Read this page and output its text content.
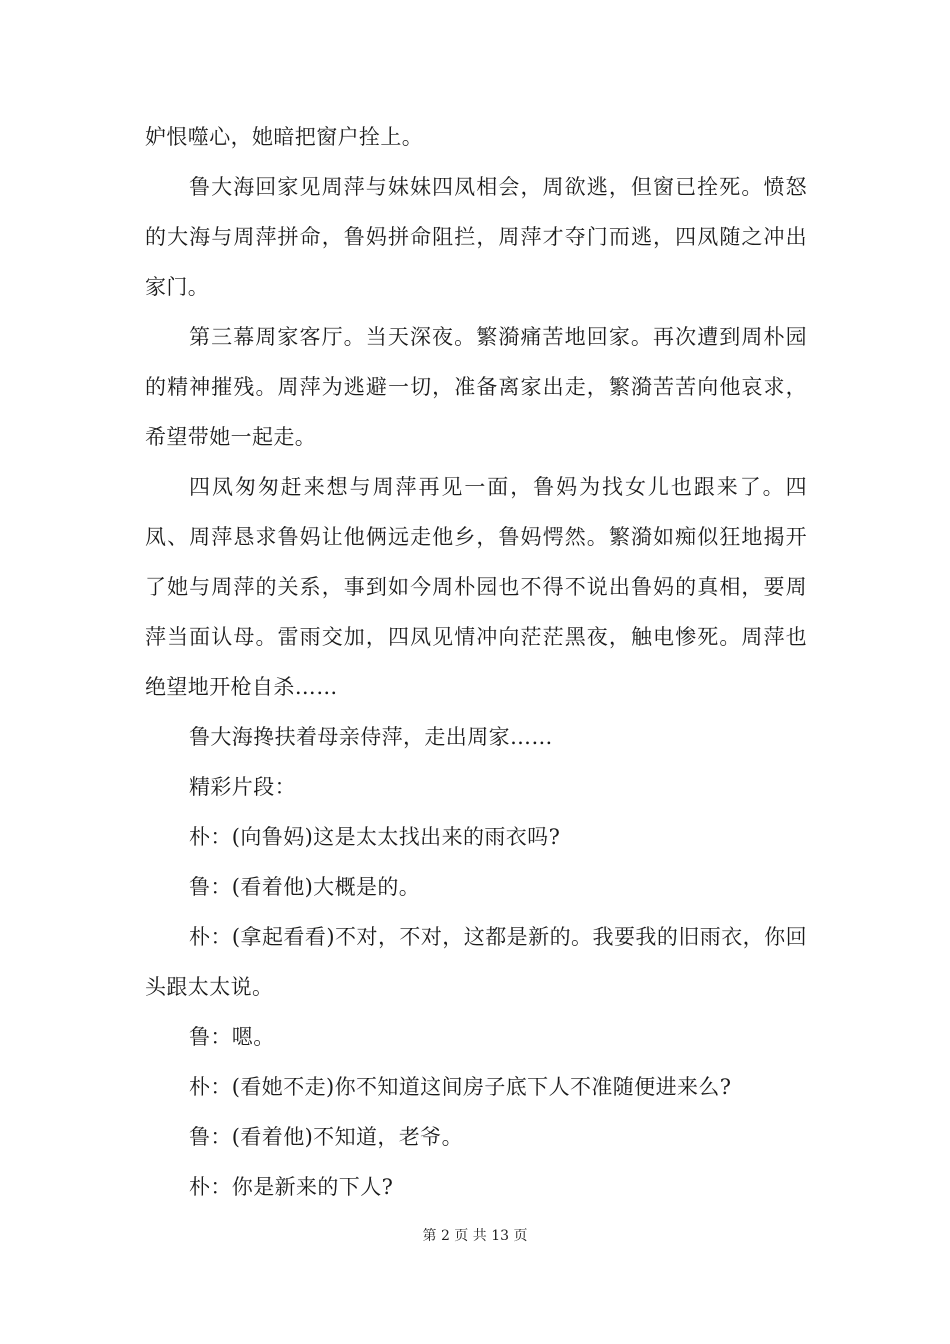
妒恨噬心，她暗把窗户拴上。

鲁大海回家见周萍与妹妹四凤相会，周欲逃，但窗已拴死。愤怒的大海与周萍拼命，鲁妈拼命阻拦，周萍才夺门而逃，四凤随之冲出家门。

第三幕周家客厅。当天深夜。繁漪痛苦地回家。再次遭到周朴园的精神摧残。周萍为逃避一切，准备离家出走，繁漪苦苦向他哀求，希望带她一起走。

四凤匆匆赶来想与周萍再见一面，鲁妈为找女儿也跟来了。四凤、周萍恳求鲁妈让他俩远走他乡，鲁妈愕然。繁漪如痴似狂地揭开了她与周萍的关系，事到如今周朴园也不得不说出鲁妈的真相，要周萍当面认母。雷雨交加，四凤见情冲向茫茫黑夜，触电惨死。周萍也绝望地开枪自杀……

鲁大海搀扶着母亲侍萍，走出周家……

精彩片段：

朴：(向鲁妈)这是太太找出来的雨衣吗?

鲁：(看着他)大概是的。

朴：(拿起看看)不对，不对，这都是新的。我要我的旧雨衣，你回头跟太太说。

鲁：嗯。

朴：(看她不走)你不知道这间房子底下人不准随便进来么?

鲁：(看着他)不知道，老爷。

朴：你是新来的下人?

第 2 页 共 13 页
